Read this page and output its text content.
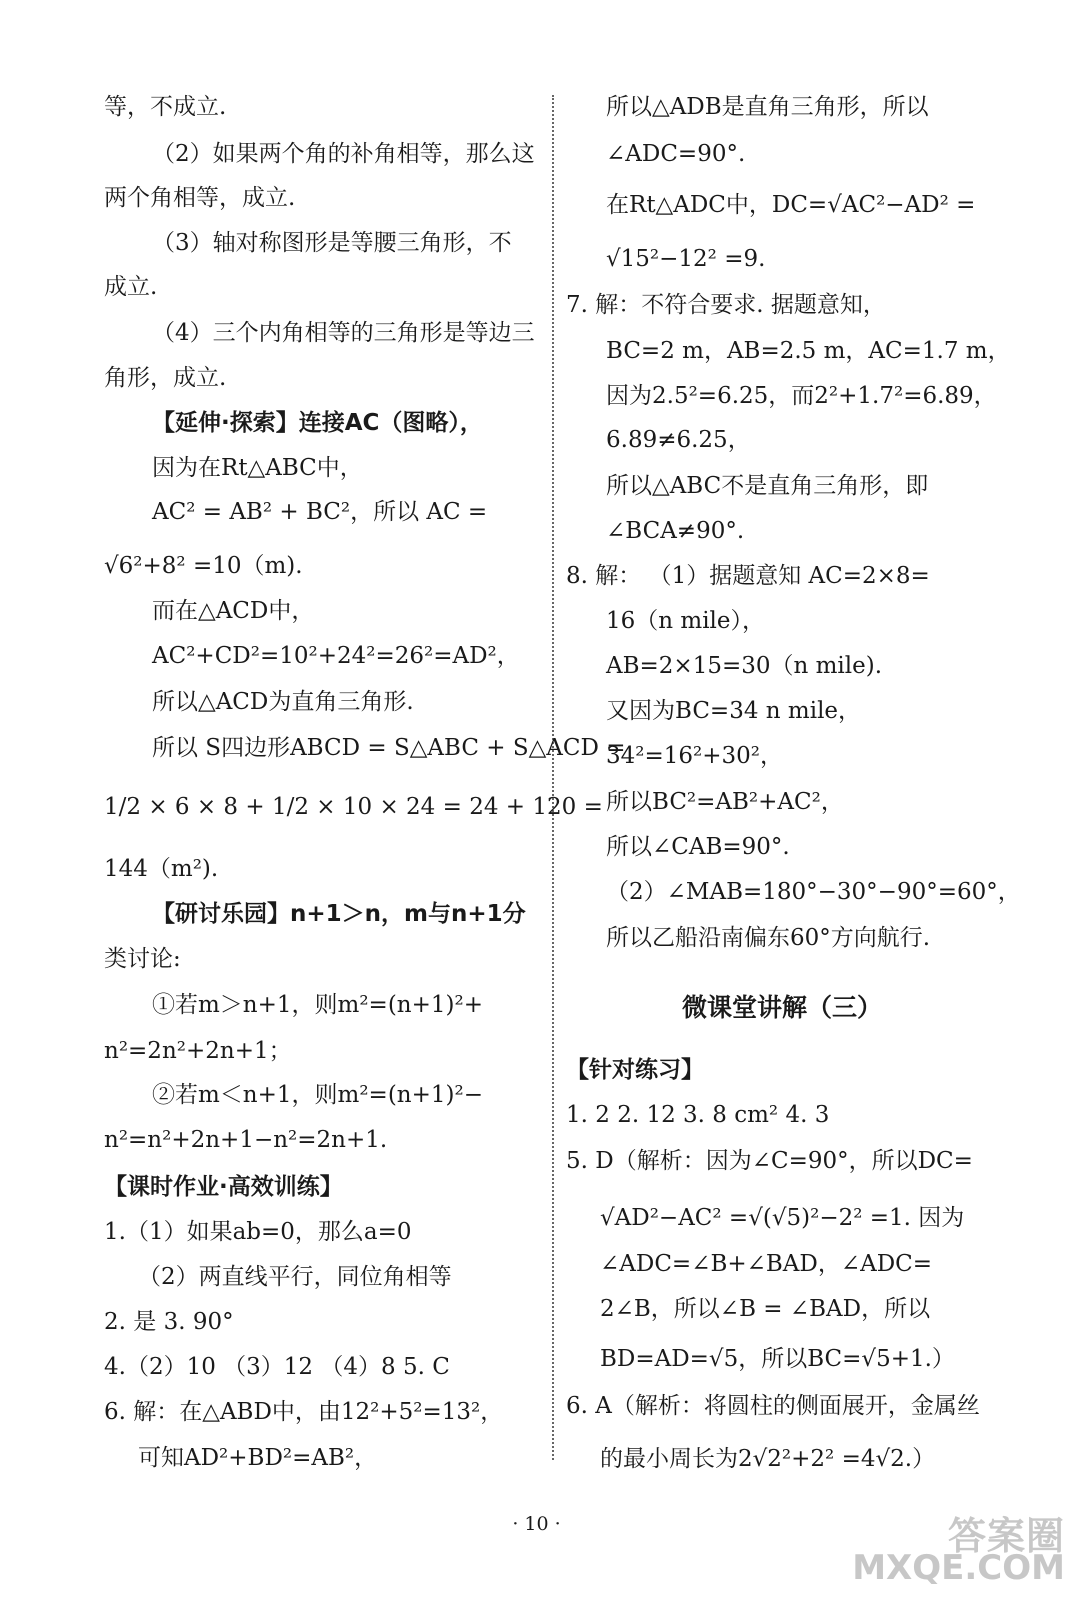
等，不成立.
（2）如果两个角的补角相等，那么这
两个角相等，成立.
（3）轴对称图形是等腰三角形，不
成立.
（4）三个内角相等的三角形是等边三
角形，成立.
【延伸·探索】连接AC（图略），
因为在Rt△ABC中，
AC² = AB² + BC²，所以 AC =
√6²+8² =10（m).
而在△ACD中，
AC²+CD²=10²+24²=26²=AD²，
所以△ACD为直角三角形.
所以 S四边形ABCD = S△ABC + S△ACD =
1/2 × 6 × 8 + 1/2 × 10 × 24 = 24 + 120 =
144（m²).
【研讨乐园】n+1＞n，m与n+1分
类讨论:
①若m＞n+1，则m²=(n+1)²+
n²=2n²+2n+1；
②若m＜n+1，则m²=(n+1)²−
n²=n²+2n+1−n²=2n+1.
【课时作业·高效训练】
1.（1）如果ab=0，那么a=0
（2）两直线平行，同位角相等
2. 是 3. 90°
4.（2）10 （3）12 （4）8 5. C
6. 解：在△ABD中，由12²+5²=13²，
可知AD²+BD²=AB²，
所以△ADB是直角三角形，所以
∠ADC=90°.
在Rt△ADC中，DC=√AC²−AD² =
√15²−12² =9.
7. 解：不符合要求. 据题意知，
BC=2 m，AB=2.5 m，AC=1.7 m，
因为2.5²=6.25，而2²+1.7²=6.89，
6.89≠6.25，
所以△ABC不是直角三角形，即
∠BCA≠90°.
8. 解： （1）据题意知 AC=2×8=
16（n mile），
AB=2×15=30（n mile).
又因为BC=34 n mile，
34²=16²+30²，
所以BC²=AB²+AC²，
所以∠CAB=90°.
（2）∠MAB=180°−30°−90°=60°，
所以乙船沿南偏东60°方向航行.
微课堂讲解（三）
【针对练习】
1. 2 2. 12 3. 8 cm² 4. 3
5. D（解析：因为∠C=90°，所以DC=
√AD²−AC² =√(√5)²−2² =1. 因为
∠ADC=∠B+∠BAD，∠ADC=
2∠B，所以∠B = ∠BAD，所以
BD=AD=√5，所以BC=√5+1.）
6. A（解析：将圆柱的侧面展开，金属丝
的最小周长为2√2²+2² =4√2.）
· 10 ·	答案圈
MXQE.COM
